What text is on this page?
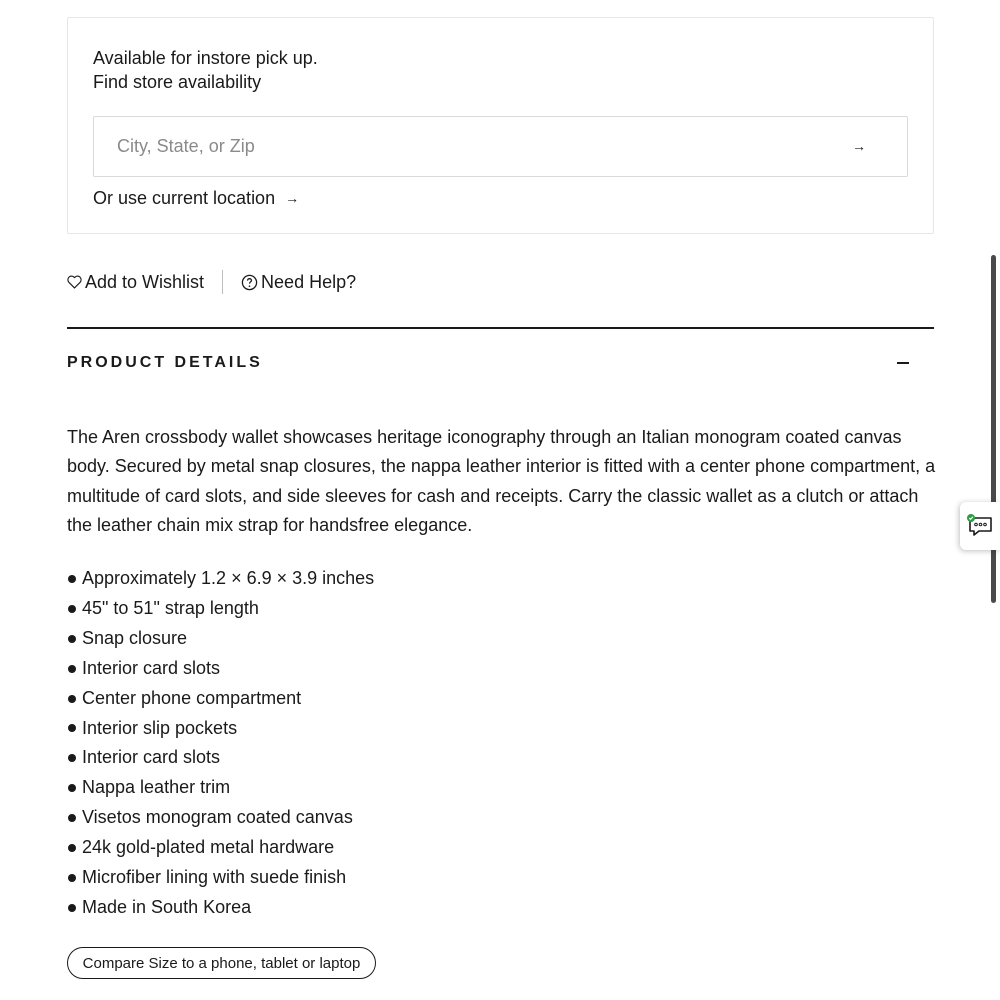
Available for instore pick up.
Find store availability
City, State, or Zip
→
Or use current location →
Add to Wishlist	Need Help?
PRODUCT DETAILS

The Aren crossbody wallet showcases heritage iconography through an Italian monogram coated canvas body. Secured by metal snap closures, the nappa leather interior is fitted with a center phone compartment, a multitude of card slots, and side sleeves for cash and receipts. Carry the classic wallet as a clutch or attach the leather chain mix strap for handsfree elegance.

Approximately 1.2 × 6.9 × 3.9 inches
45" to 51" strap length
Snap closure
Interior card slots
Center phone compartment
Interior slip pockets
Interior card slots
Nappa leather trim
Visetos monogram coated canvas
24k gold-plated metal hardware
Microfiber lining with suede finish
Made in South Korea
Compare Size to a phone, tablet or laptop
